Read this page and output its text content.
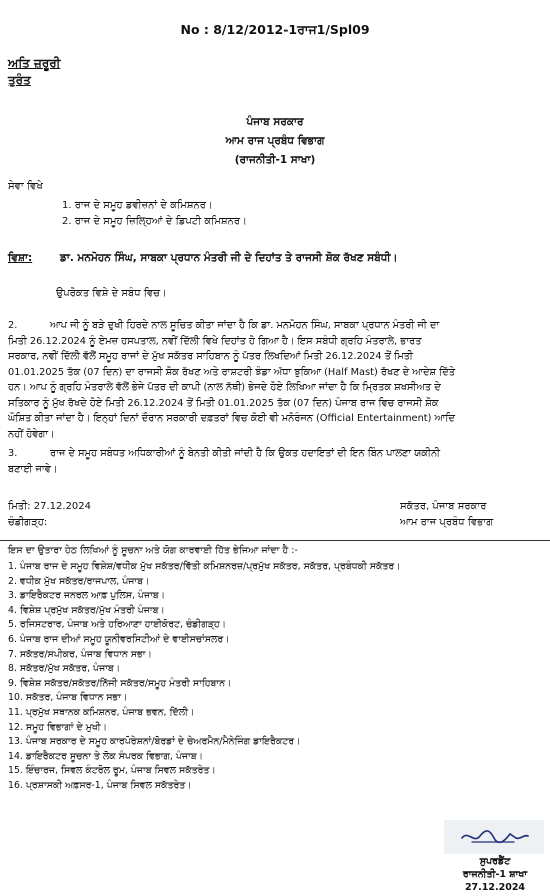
No : 8/12/2012-1ਰਾਜ1/Spl09
ਅਤਿ ਜ਼ਰੂਰੀ
ਤੁਰੰਤ
ਪੰਜਾਬ ਸਰਕਾਰ
ਆਮ ਰਾਜ ਪ੍ਰਬੰਧ ਵਿਭਾਗ
(ਰਾਜਨੀਤੀ-1 ਸਾਖਾ)
ਸੇਵਾ ਵਿਖੇ
1. ਰਾਜ ਦੇ ਸਮੂਹ ਡਵੀਜ਼ਨਾਂ ਦੇ ਕਮਿਸ਼ਨਰ।
2. ਰਾਜ ਦੇ ਸਮੂਹ ਜ਼ਿਲ੍ਹਿਆਂ ਦੇ ਡਿਪਟੀ ਕਮਿਸ਼ਨਰ।
ਵਿਸ਼ਾ:	ਡਾ. ਮਨਮੋਹਨ ਸਿੰਘ, ਸਾਬਕਾ ਪ੍ਰਧਾਨ ਮੰਤਰੀ ਜੀ ਦੇ ਦਿਹਾਂਤ ਤੇ ਰਾਜਸੀ ਸ਼ੋਕ ਰੱਖਣ ਸਬੰਧੀ।
ਉਪਰੋਕਤ ਵਿਸ਼ੇ ਦੇ ਸਬੰਧ ਵਿਚ।
2.	ਆਪ ਜੀ ਨੂੰ ਬੜੇ ਦੁਖੀ ਹਿਰਦੇ ਨਾਲ ਸੂਚਿਤ ਕੀਤਾ ਜਾਂਦਾ ਹੈ ਕਿ ਡਾ. ਮਨਮੋਹਨ ਸਿੰਘ, ਸਾਬਕਾ ਪ੍ਰਧਾਨ ਮੰਤਰੀ ਜੀ ਦਾ
ਮਿਤੀ 26.12.2024 ਨੂੰ ਏਮਜ਼ ਹਸਪਤਾਲ, ਨਵੀਂ ਦਿੱਲੀ ਵਿਖੇ ਦਿਹਾਂਤ ਹੋ ਗਿਆ ਹੈ। ਇਸ ਸਬੰਧੀ ਗ੍ਰਹਿ ਮੰਤਰਾਲੇ, ਭਾਰਤ
ਸਰਕਾਰ, ਨਵੀਂ ਦਿੱਲੀ ਵੱਲੋਂ ਸਮੂਹ ਰਾਜਾਂ ਦੇ ਮੁੱਖ ਸਕੱਤਰ ਸਾਹਿਬਾਨ ਨੂੰ ਪੱਤਰ ਲਿਖਦਿਆਂ ਮਿਤੀ 26.12.2024 ਤੋਂ ਮਿਤੀ
01.01.2025 ਤੱਕ (07 ਦਿਨ) ਦਾ ਰਾਜਸੀ ਸ਼ੋਕ ਰੱਖਣ ਅਤੇ ਰਾਸ਼ਟਰੀ ਝੰਡਾ ਅੱਧਾ ਝੁਕਿਆ (Half Mast) ਰੱਖਣ ਦੇ ਆਦੇਸ਼ ਦਿੱਤੇ
ਹਨ। ਆਪ ਨੂੰ ਗ੍ਰਹਿ ਮੰਤਰਾਲੇ ਵੱਲੋਂ ਭੇਜੇ ਪੱਤਰ ਦੀ ਕਾਪੀ (ਨਾਲ ਨੱਥੀ) ਭੇਜਦੇ ਹੋਏ ਲਿਖਿਆ ਜਾਂਦਾ ਹੈ ਕਿ ਮ੍ਰਿਤਕ ਸ਼ਖਸੀਅਤ ਦੇ
ਸਤਿਕਾਰ ਨੂੰ ਮੁੱਖ ਰੱਖਦੇ ਹੋਏ ਮਿਤੀ 26.12.2024 ਤੋਂ ਮਿਤੀ 01.01.2025 ਤੱਕ (07 ਦਿਨ) ਪੰਜਾਬ ਰਾਜ ਵਿਚ ਰਾਜਸੀ ਸ਼ੋਕ
ਘੋਸ਼ਿਤ ਕੀਤਾ ਜਾਂਦਾ ਹੈ। ਇਨ੍ਹਾਂ ਦਿਨਾਂ ਦੌਰਾਨ ਸਰਕਾਰੀ ਦਫ਼ਤਰਾਂ ਵਿਚ ਕੋਈ ਵੀ ਮਨੋਰੰਜਨ (Official Entertainment) ਆਦਿ
ਨਹੀਂ ਹੋਵੇਗਾ।
3.	ਰਾਜ ਦੇ ਸਮੂਹ ਸਬੰਧਤ ਅਧਿਕਾਰੀਆਂ ਨੂੰ ਬੇਨਤੀ ਕੀਤੀ ਜਾਂਦੀ ਹੈ ਕਿ ਉਕਤ ਹਦਾਇਤਾਂ ਦੀ ਇਨ ਬਿੰਨ ਪਾਲਣਾ ਯਕੀਨੀ
ਬਣਾਈ ਜਾਵੇ।
ਮਿਤੀ: 27.12.2024
ਚੰਡੀਗੜ੍ਹ:
ਸਕੱਤਰ, ਪੰਜਾਬ ਸਰਕਾਰ
ਆਮ ਰਾਜ ਪ੍ਰਬੰਧ ਵਿਭਾਗ
ਇਸ ਦਾ ਉਤਾਰਾ ਹੇਠ ਲਿਖਿਆਂ ਨੂੰ ਸੂਚਨਾ ਅਤੇ ਯੋਗ ਕਾਰਵਾਈ ਹਿੱਤ ਭੇਜਿਆ ਜਾਂਦਾ ਹੈ :-
1. ਪੰਜਾਬ ਰਾਜ ਦੇ ਸਮੂਹ ਵਿਸ਼ੇਸ਼/ਵਧੀਕ ਮੁੱਖ ਸਕੱਤਰ/ਵਿੱਤੀ ਕਮਿਸ਼ਨਰਜ਼/ਪ੍ਰਮੁੱਖ ਸਕੱਤਰ, ਸਕੱਤਰ, ਪ੍ਰਬੰਧਕੀ ਸਕੱਤਰ।
2. ਵਧੀਕ ਮੁੱਖ ਸਕੱਤਰ/ਰਾਜਪਾਲ, ਪੰਜਾਬ।
3. ਡਾਇਰੈਕਟਰ ਜਨਰਲ ਆਫ਼ ਪੁਲਿਸ, ਪੰਜਾਬ।
4. ਵਿਸ਼ੇਸ਼ ਪ੍ਰਮੁੱਖ ਸਕੱਤਰ/ਮੁੱਖ ਮੰਤਰੀ ਪੰਜਾਬ।
5. ਰਜਿਸਟਰਾਰ, ਪੰਜਾਬ ਅਤੇ ਹਰਿਆਣਾ ਹਾਈਕੋਰਟ, ਚੰਡੀਗੜ੍ਹ।
6. ਪੰਜਾਬ ਰਾਜ ਦੀਆਂ ਸਮੂਹ ਯੂਨੀਵਰਸਿਟੀਆਂ ਦੇ ਵਾਈਸਚਾਂਸਲਰ।
7. ਸਕੱਤਰ/ਸਪੀਕਰ, ਪੰਜਾਬ ਵਿਧਾਨ ਸਭਾ।
8. ਸਕੱਤਰ/ਮੁੱਖ ਸਕੱਤਰ, ਪੰਜਾਬ।
9. ਵਿਸ਼ੇਸ਼ ਸਕੱਤਰ/ਸਕੱਤਰ/ਨਿੱਜੀ ਸਕੱਤਰ/ਸਮੂਹ ਮੰਤਰੀ ਸਾਹਿਬਾਨ।
10. ਸਕੱਤਰ, ਪੰਜਾਬ ਵਿਧਾਨ ਸਭਾ।
11. ਪ੍ਰਮੁੱਖ ਸਥਾਨਕ ਕਮਿਸ਼ਨਰ, ਪੰਜਾਬ ਭਵਨ, ਦਿੱਲੀ।
12. ਸਮੂਹ ਵਿਭਾਗਾਂ ਦੇ ਮੁਖੀ।
13. ਪੰਜਾਬ ਸਰਕਾਰ ਦੇ ਸਮੂਹ ਕਾਰਪੋਰੇਸ਼ਨਾਂ/ਬੋਰਡਾਂ ਦੇ ਚੇਅਰਮੈਨ/ਮੈਨੇਜਿੰਗ ਡਾਇਰੈਕਟਰ।
14. ਡਾਇਰੈਕਟਰ ਸੂਚਨਾ ਤੇ ਲੋਕ ਸੰਪਰਕ ਵਿਭਾਗ, ਪੰਜਾਬ।
15. ਇੰਚਾਰਜ, ਸਿਵਲ ਕੰਟਰੋਲ ਰੂਮ, ਪੰਜਾਬ ਸਿਵਲ ਸਕੱਤਰੇਤ।
16. ਪ੍ਰਸ਼ਾਸਕੀ ਅਫ਼ਸਰ-1, ਪੰਜਾਬ ਸਿਵਲ ਸਕੱਤਰੇਤ।
ਸੁਪਰਡੈਂਟ
ਰਾਜਨੀਤੀ-1 ਸ਼ਾਖਾ
27.12.2024
